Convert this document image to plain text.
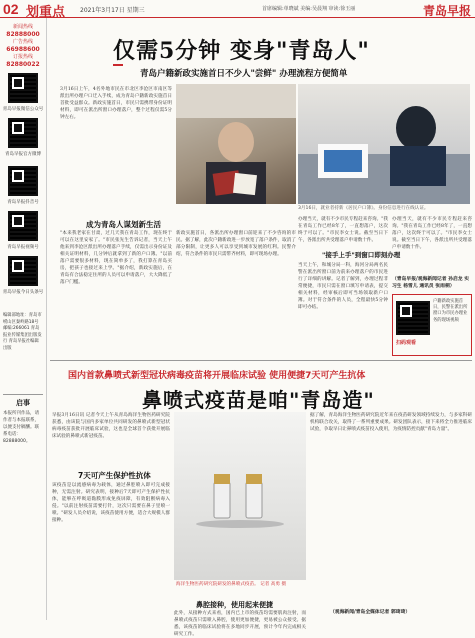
02 划重点 2021年3月17日 星期三	首席编辑:单晓斌 美编:吴晨翔 审读:徐玉丽	青岛早报
新闻热线
82888000
广告热线
66988600
订报热线
82880022
青岛早报微信公众号
青岛早报官方微博
青岛早报抖音号
青岛早报视频号
青岛早报今日头条号
编辑部地址：青岛市崂山区秦岭路18号 邮编:266061 青岛报业传媒集团出版发行 青岛早报社编辑出版
启事
本报所刊作品，请作者与本报联系，以便支付稿酬。联系电话：82888000。
仅需5分钟 变身"青岛人"
青岛户籍新政实施首日不少人"尝鲜" 办理流程方便简单
3月16日上午，4名外地市民在市北区李沧区市南区等派出所办理户口迁入手续，成为青岛户籍新政实施首日首批受益群众。新政实施首日，市民只需携带身份证明材料，即可在派出所窗口办理落户，整个过程仅需5分钟左右。
3月16日，就业者持新《居民户口簿》。身份信息进行在线认证。
成为青岛人谋划新生活
"本来我老家在甘肃，过几天我在青岛工作，现在终于可以在这里安家了。"市民张先生告诉记者，当天上午他来到李沧区派出所办理落户手续，仅需出示身份证及相关证明材料，几分钟后就拿到了新的户口簿。"以前落户需要很多材料，现在简单多了，我打算在青岛买房，把孩子也接过来上学。"据介绍，新政实施后，在青岛有合法稳定住所的人员可以申请落户，大大降低了落户门槛。
新政实施首日，各派出所办理窗口前迎来了不少咨询的市民。据了解，此次户籍新政进一步放宽了落户条件，取消了部分限制，让更多人可以享受到城市发展的红利。民警介绍，符合条件的市民只需带齐材料，即可现场办理。
办理当天，就有不少市民专程赶来咨询。"我在青岛工作已经8年了，一直想落户，这次终于可以了。"市民李女士说。截至当日下午，各派出所共受理落户申请数十件。
"接手上手"到窗口即刻办理
当天上午，和城分局一科，海河分局两名民警在派出所窗口前为前来办理落户的市民进行了详细的讲解。记者了解到，办理过程非常便捷，市民只需在窗口填写申请表，提交相关材料，经审核后即可当场领取新户口簿。对于符合条件的人员，全程最快5分钟即可办结。
办理当天，就有不少市民专程赶来咨询。"我在青岛工作已经8年了，一直想落户，这次终于可以了。"市民李女士说。截至当日下午，各派出所共受理落户申请数十件。
（青岛早报/观海新闻记者 孙启龙 实习生 杨雪儿 通讯员 张雨桐）
扫码观看
户籍新政实施首日，民警在派出所窗口为市民办理业务的现场视频
国内首款鼻喷式新型冠状病毒疫苗将开展临床试验 使用便捷7天可产生抗体
鼻喷式疫苗是咱"青岛造"
早报3月16日讯 记者今天上午从青岛海洋生物医药研究院获悉，由该院与国内多家单位共同研发的鼻喷式新型冠状病毒疫苗获批开展临床试验，这也是全球首个获批开展临床试验的鼻喷式新冠疫苗。
7天可产生保护性抗体
该疫苗是以流感病毒为载体，通过鼻腔喷入即可完成接种，无需注射。研究表明，接种后7天即可产生保护性抗体，能够在呼吸道黏膜形成免疫屏障，有效阻断病毒入侵。"以前注射疫苗需要打针，这次只需要在鼻子里喷一喷。"研发人员介绍说，该疫苗使用方便，适合大规模人群接种。
海洋生物医药研究院研发的鼻喷式疫苗。 记者 高勇 摄
鼻腔接种，使用起来便捷
此外，从接种方式来看，国内已上市的疫苗均需要肌肉注射，而鼻喷式疫苗只需喷入鼻腔，使用更加便捷，更易被公众接受。据悉，该疫苗的临床试验将在多地同步开展，预计今年内完成相关研究工作。
据了解，青岛海洋生物医药研究院近年来在疫苗研发领域持续发力，与多家科研机构联合攻关，取得了一系列重要成果。研发团队表示，接下来将全力推进临床试验，争取早日让鼻喷式疫苗投入使用，为疫情防控贡献"青岛力量"。
（观海新闻/青岛全媒体记者 郭琦琦）
